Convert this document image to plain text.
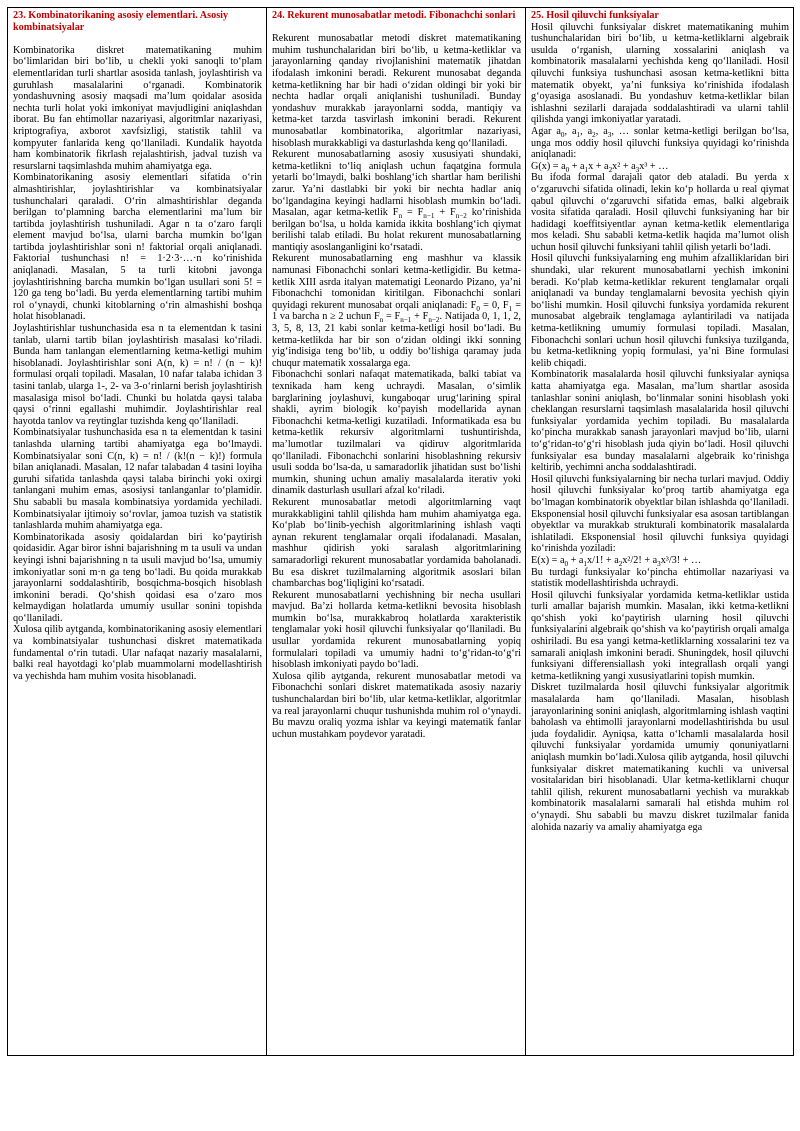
23. Kombinatorikaning asosiy elementlari. Asosiy kombinatsiyalar

Kombinatorika diskret matematikaning muhim boʻlimlaridan biri boʻlib, u chekli yoki sanoqli toʻplam elementlaridan turli shartlar asosida tanlash, joylashtirish va guruhlash masalalarini oʻrganadi. Kombinatorik yondashuvning asosiy maqsadi maʼlum qoidalar asosida nechta turli holat yoki imkoniyat mavjudligini aniqlashdan iborat. Bu fan ehtimollar nazariyasi, algoritmlar nazariyasi, kriptografiya, axborot xavfsizligi, statistik tahlil va kompyuter fanlarida keng qoʻllaniladi. Kundalik hayotda ham kombinatorik fikrlash rejalashtirish, jadval tuzish va resurslarni taqsimlashda muhim ahamiyatga ega.

Kombinatorikaning asosiy elementlari sifatida oʻrin almashtirishlar, joylashtirishlar va kombinatsiyalar tushunchalari qaraladi. Oʻrin almashtirishlar deganda berilgan toʻplamning barcha elementlarini maʼlum bir tartibda joylashtirish tushuniladi. Agar n ta oʻzaro farqli element mavjud boʻlsa, ularni barcha mumkin boʻlgan tartibda joylashtirishlar soni n! faktorial orqali aniqlanadi. Faktorial tushunchasi n! = 1·2·3·…·n koʻrinishida aniqlanadi. Masalan, 5 ta turli kitobni javonga joylashtirishning barcha mumkin boʻlgan usullari soni 5! = 120 ga teng boʻladi. Bu yerda elementlarning tartibi muhim rol oʻynaydi, chunki kitoblarning oʻrin almashishi boshqa holat hisoblanadi.

Joylashtirishlar tushunchasida esa n ta elementdan k tasini tanlab, ularni tartib bilan joylashtirish masalasi koʻriladi. Bunda ham tanlangan elementlarning ketma-ketligi muhim hisoblanadi. Joylashtirishlar soni A(n, k) = n! / (n − k)! formulasi orqali topiladi. Masalan, 10 nafar talaba ichidan 3 tasini tanlab, ularga 1-, 2- va 3-oʻrinlarni berish joylashtirish masalasiga misol boʻladi. Chunki bu holatda qaysi talaba qaysi oʻrinni egallashi muhimdir. Joylashtirishlar real hayotda tanlov va reytinglar tuzishda keng qoʻllaniladi.

Kombinatsiyalar tushunchasida esa n ta elementdan k tasini tanlashda ularning tartibi ahamiyatga ega boʻlmaydi. Kombinatsiyalar soni C(n, k) = n! / (k!(n − k)!) formula bilan aniqlanadi. Masalan, 12 nafar talabadan 4 tasini loyiha guruhi sifatida tanlashda qaysi talaba birinchi yoki oxirgi tanlangani muhim emas, asosiysi tanlanganlar toʻplamidir. Shu sababli bu masala kombinatsiya yordamida yechiladi. Kombinatsiyalar ijtimoiy soʻrovlar, jamoa tuzish va statistik tanlashlarda muhim ahamiyatga ega.

Kombinatorikada asosiy qoidalardan biri koʻpaytirish qoidasidir. Agar biror ishni bajarishning m ta usuli va undan keyingi ishni bajarishning n ta usuli mavjud boʻlsa, umumiy imkoniyatlar soni m·n ga teng boʻladi. Bu qoida murakkab jarayonlarni soddalashtirib, bosqichma-bosqich hisoblash imkonini beradi. Qoʻshish qoidasi esa oʻzaro mos kelmaydigan holatlarda umumiy usullar sonini topishda qoʻllaniladi.

Xulosa qilib aytganda, kombinatorikaning asosiy elementlari va kombinatsiyalar tushunchasi diskret matematikada fundamental oʻrin tutadi. Ular nafaqat nazariy masalalarni, balki real hayotdagi koʻplab muammolarni modellashtirish va yechishda ham muhim vosita hisoblanadi.

24. Rekurent munosabatlar metodi. Fibonachchi sonlari

Rekurent munosabatlar metodi diskret matematikaning muhim tushunchalaridan biri boʻlib, u ketma-ketliklar va jarayonlarning qanday rivojlanishini matematik jihatdan ifodalash imkonini beradi. Rekurent munosabat deganda ketma-ketlikning har bir hadi oʻzidan oldingi bir yoki bir nechta hadlar orqali aniqlanishi tushuniladi. Bunday yondashuv murakkab jarayonlarni sodda, mantiqiy va ketma-ket tarzda tasvirlash imkonini beradi. Rekurent munosabatlar kombinatorika, algoritmlar nazariyasi, hisoblash murakkabligi va dasturlashda keng qoʻllaniladi.

Rekurent munosabatlarning asosiy xususiyati shundaki, ketma-ketlikni toʻliq aniqlash uchun faqatgina formula yetarli boʻlmaydi, balki boshlangʻich shartlar ham berilishi zarur. Yaʼni dastlabki bir yoki bir nechta hadlar aniq boʻlgandagina keyingi hadlarni hisoblash mumkin boʻladi. Masalan, agar ketma-ketlik $F_n = F_{n-1} + F_{n-2}$ koʻrinishida berilgan boʻlsa, u holda kamida ikkita boshlangʻich qiymat berilishi talab etiladi. Bu holat rekurent munosabatlarning mantiqiy asoslanganligini koʻrsatadi.

Rekurent munosabatlarning eng mashhur va klassik namunasi Fibonachchi sonlari ketma-ketligidir. Bu ketma-ketlik XIII asrda italyan matematigi Leonardo Pizano, yaʼni Fibonachchi tomonidan kiritilgan. Fibonachchi sonlari quyidagi rekurent munosabat orqali aniqlanadi: $F_0 = 0$, $F_1 = 1$ va barcha n ≥ 2 uchun $F_n = F_{n-1} + F_{n-2}$. Natijada 0, 1, 1, 2, 3, 5, 8, 13, 21 kabi sonlar ketma-ketligi hosil boʻladi. Bu ketma-ketlikda har bir son oʻzidan oldingi ikki sonning yigʻindisiga teng boʻlib, u oddiy boʻlishiga qaramay juda chuqur matematik xossalarga ega.

Fibonachchi sonlari nafaqat matematikada, balki tabiat va texnikada ham keng uchraydi. Masalan, oʻsimlik barglarining joylashuvi, kungaboqar urugʻlarining spiral shakli, ayrim biologik koʻpayish modellarida aynan Fibonachchi ketma-ketligi kuzatiladi. Informatikada esa bu ketma-ketlik rekursiv algoritmlarni tushuntirishda, maʼlumotlar tuzilmalari va qidiruv algoritmlarida qoʻllaniladi. Fibonachchi sonlarini hisoblashning rekursiv usuli sodda boʻlsa-da, u samaradorlik jihatidan sust boʻlishi mumkin, shuning uchun amaliy masalalarda iterativ yoki dinamik dasturlash usullari afzal koʻriladi.

Rekurent munosabatlar metodi algoritmlarning vaqt murakkabligini tahlil qilishda ham muhim ahamiyatga ega. Koʻplab boʻlinib-yechish algoritmlarining ishlash vaqti aynan rekurent tenglamalar orqali ifodalanadi. Masalan, mashhur qidirish yoki saralash algoritmlarining samaradorligi rekurent munosabatlar yordamida baholanadi. Bu esa diskret tuzilmalarning algoritmik asoslari bilan chambarchas bogʻliqligini koʻrsatadi.

Rekurent munosabatlarni yechishning bir necha usullari mavjud. Baʼzi hollarda ketma-ketlikni bevosita hisoblash mumkin boʻlsa, murakkabroq holatlarda xarakteristik tenglamalar yoki hosil qiluvchi funksiyalar qoʻllaniladi. Bu usullar yordamida rekurent munosabatlarning yopiq formulalari topiladi va umumiy hadni toʻgʻridan-toʻgʻri hisoblash imkoniyati paydo boʻladi.

Xulosa qilib aytganda, rekurent munosabatlar metodi va Fibonachchi sonlari diskret matematikada asosiy nazariy tushunchalardan biri boʻlib, ular ketma-ketliklar, algoritmlar va real jarayonlarni chuqur tushunishda muhim rol oʻynaydi. Bu mavzu oraliq yozma ishlar va keyingi matematik fanlar uchun mustahkam poydevor yaratadi.

25. Hosil qiluvchi funksiyalar

Hosil qiluvchi funksiyalar diskret matematikaning muhim tushunchalaridan biri boʻlib, u ketma-ketliklarni algebraik usulda oʻrganish, ularning xossalarini aniqlash va kombinatorik masalalarni yechishda keng qoʻllaniladi. Hosil qiluvchi funksiya tushunchasi asosan ketma-ketlikni bitta matematik obyekt, yaʼni funksiya koʻrinishida ifodalash gʻoyasiga asoslanadi. Bu yondashuv ketma-ketliklar bilan ishlashni sezilarli darajada soddalashtiradi va ularni tahlil qilishda yangi imkoniyatlar yaratadi.

Agar $a_0$, $a_1$, $a_2$, $a_3$, … sonlar ketma-ketligi berilgan boʻlsa, unga mos oddiy hosil qiluvchi funksiya quyidagi koʻrinishda aniqlanadi:

$G(x) = a_0 + a_1x + a_2x^2 + a_3x^3$ + …

Bu ifoda formal darajali qator deb ataladi. Bu yerda x oʻzgaruvchi sifatida olinadi, lekin koʻp hollarda u real qiymat qabul qiluvchi oʻzgaruvchi sifatida emas, balki algebraik vosita sifatida qaraladi. Hosil qiluvchi funksiyaning har bir hadidagi koeffitsiyentlar aynan ketma-ketlik elementlariga mos keladi. Shu sababli ketma-ketlik haqida maʼlumot olish uchun hosil qiluvchi funksiyani tahlil qilish yetarli boʻladi.

Hosil qiluvchi funksiyalarning eng muhim afzalliklaridan biri shundaki, ular rekurent munosabatlarni yechish imkonini beradi. Koʻplab ketma-ketliklar rekurent tenglamalar orqali aniqlanadi va bunday tenglamalarni bevosita yechish qiyin boʻlishi mumkin. Hosil qiluvchi funksiya yordamida rekurent munosabat algebraik tenglamaga aylantiriladi va natijada ketma-ketlikning umumiy formulasi topiladi. Masalan, Fibonachchi sonlari uchun hosil qiluvchi funksiya tuzilganda, bu ketma-ketlikning yopiq formulasi, yaʼni Bine formulasi kelib chiqadi.

Kombinatorik masalalarda hosil qiluvchi funksiyalar ayniqsa katta ahamiyatga ega. Masalan, maʼlum shartlar asosida tanlashlar sonini aniqlash, boʻlinmalar sonini hisoblash yoki cheklangan resurslarni taqsimlash masalalarida hosil qiluvchi funksiyalar yordamida yechim topiladi. Bu masalalarda koʻpincha murakkab sanash jarayonlari mavjud boʻlib, ularni toʻgʻridan-toʻgʻri hisoblash juda qiyin boʻladi. Hosil qiluvchi funksiyalar esa bunday masalalarni algebraik koʻrinishga keltirib, yechimni ancha soddalashtiradi.

Hosil qiluvchi funksiyalarning bir necha turlari mavjud. Oddiy hosil qiluvchi funksiyalar koʻproq tartib ahamiyatga ega boʻlmagan kombinatorik obyektlar bilan ishlashda qoʻllaniladi. Eksponensial hosil qiluvchi funksiyalar esa asosan tartiblangan obyektlar va murakkab strukturali kombinatorik masalalarda ishlatiladi. Eksponensial hosil qiluvchi funksiya quyidagi koʻrinishda yoziladi:

$E(x) = a_0 + a_1x/1$! + $a_2x^2/2$! + $a_3x^3/3$! + …

Bu turdagi funksiyalar koʻpincha ehtimollar nazariyasi va statistik modellashtirishda uchraydi.

Hosil qiluvchi funksiyalar yordamida ketma-ketliklar ustida turli amallar bajarish mumkin. Masalan, ikki ketma-ketlikni qoʻshish yoki koʻpaytirish ularning hosil qiluvchi funksiyalarini algebraik qoʻshish va koʻpaytirish orqali amalga oshiriladi. Bu esa yangi ketma-ketliklarning xossalarini tez va samarali aniqlash imkonini beradi. Shuningdek, hosil qiluvchi funksiyani differensiallash yoki integrallash orqali yangi ketma-ketlikning yangi xususiyatlarini topish mumkin.

Diskret tuzilmalarda hosil qiluvchi funksiyalar algoritmik masalalarda ham qoʻllaniladi. Masalan, hisoblash jarayonlarining sonini aniqlash, algoritmlarning ishlash vaqtini baholash va ehtimolli jarayonlarni modellashtirishda bu usul juda foydalidir. Ayniqsa, katta oʻlchamli masalalarda hosil qiluvchi funksiyalar yordamida umumiy qonuniyatlarni aniqlash mumkin boʻladi.Xulosa qilib aytganda, hosil qiluvchi funksiyalar diskret matematikaning kuchli va universal vositalaridan biri hisoblanadi. Ular ketma-ketliklarni chuqur tahlil qilish, rekurent munosabatlarni yechish va murakkab kombinatorik masalalarni samarali hal etishda muhim rol oʻynaydi. Shu sababli bu mavzu diskret tuzilmalar fanida alohida nazariy va amaliy ahamiyatga ega
